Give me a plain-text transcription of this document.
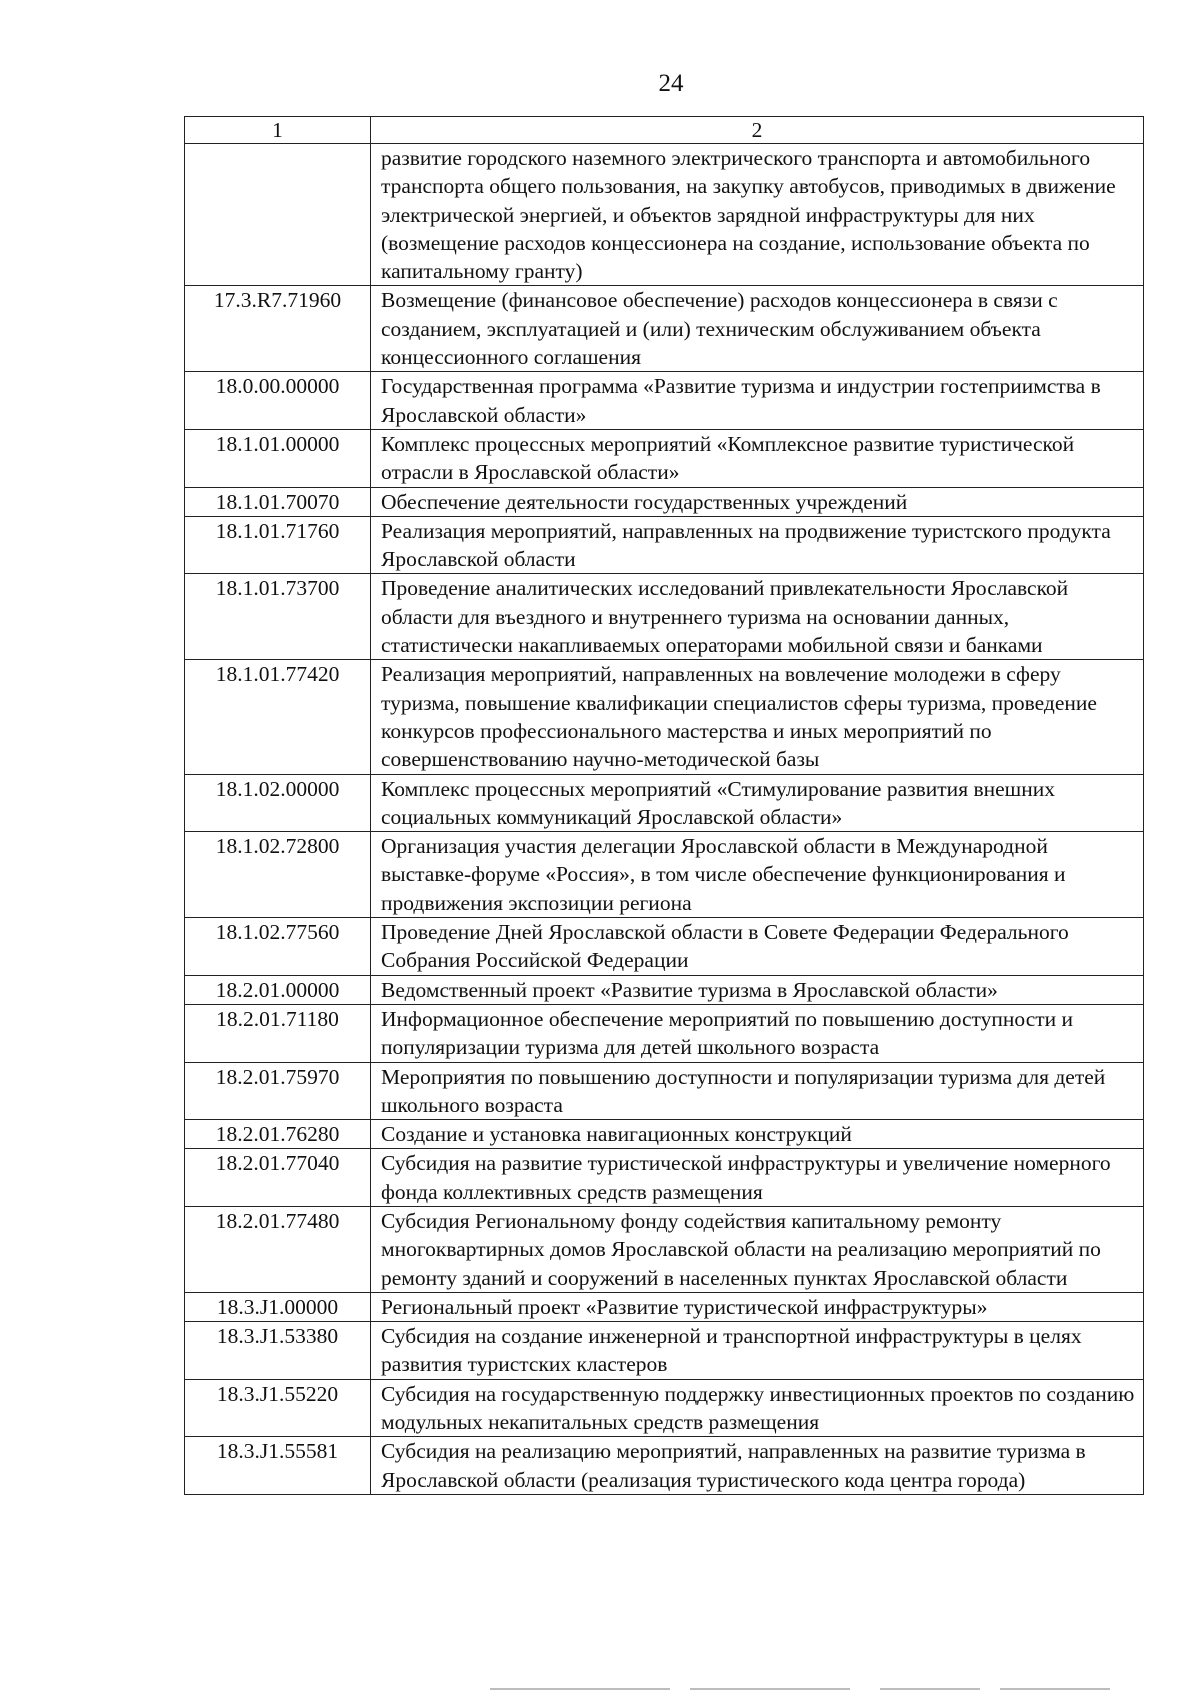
24
1	2
	развитие городского наземного электрического транспорта и автомобильного транспорта общего пользования, на закупку автобусов, приводимых в движение электрической энергией, и объектов зарядной инфраструктуры для них (возмещение расходов концессионера на создание, использование объекта по капитальному гранту)
17.3.R7.71960	Возмещение (финансовое обеспечение) расходов концессионера в связи с созданием, эксплуатацией и (или) техническим обслуживанием объекта концессионного соглашения
18.0.00.00000	Государственная программа «Развитие туризма и индустрии гостеприимства в Ярославской области»
18.1.01.00000	Комплекс процессных мероприятий «Комплексное развитие туристической отрасли в Ярославской области»
18.1.01.70070	Обеспечение деятельности государственных учреждений
18.1.01.71760	Реализация мероприятий, направленных на продвижение туристского продукта Ярославской области
18.1.01.73700	Проведение аналитических исследований привлекательности Ярославской области для въездного и внутреннего туризма на основании данных, статистически накапливаемых операторами мобильной связи и банками
18.1.01.77420	Реализация мероприятий, направленных на вовлечение молодежи в сферу туризма, повышение квалификации специалистов сферы туризма, проведение конкурсов профессионального мастерства и иных мероприятий по совершенствованию научно-методической базы
18.1.02.00000	Комплекс процессных мероприятий «Стимулирование развития внешних социальных коммуникаций Ярославской области»
18.1.02.72800	Организация участия делегации Ярославской области в Международной выставке-форуме «Россия», в том числе обеспечение функционирования и продвижения экспозиции региона
18.1.02.77560	Проведение Дней Ярославской области в Совете Федерации Федерального Собрания Российской Федерации
18.2.01.00000	Ведомственный проект «Развитие туризма в Ярославской области»
18.2.01.71180	Информационное обеспечение мероприятий по повышению доступности и популяризации туризма для детей школьного возраста
18.2.01.75970	Мероприятия по повышению доступности и популяризации туризма для детей школьного возраста
18.2.01.76280	Создание и установка навигационных конструкций
18.2.01.77040	Субсидия на развитие туристической инфраструктуры и увеличение номерного фонда коллективных средств размещения
18.2.01.77480	Субсидия Региональному фонду содействия капитальному ремонту многоквартирных домов Ярославской области на реализацию мероприятий по ремонту зданий и сооружений в населенных пунктах Ярославской области
18.3.J1.00000	Региональный проект «Развитие туристической инфраструктуры»
18.3.J1.53380	Субсидия на создание инженерной и транспортной инфраструктуры в целях развития туристских кластеров
18.3.J1.55220	Субсидия на государственную поддержку инвестиционных проектов по созданию модульных некапитальных средств размещения
18.3.J1.55581	Субсидия на реализацию мероприятий, направленных на развитие туризма в Ярославской области (реализация туристического кода центра города)
